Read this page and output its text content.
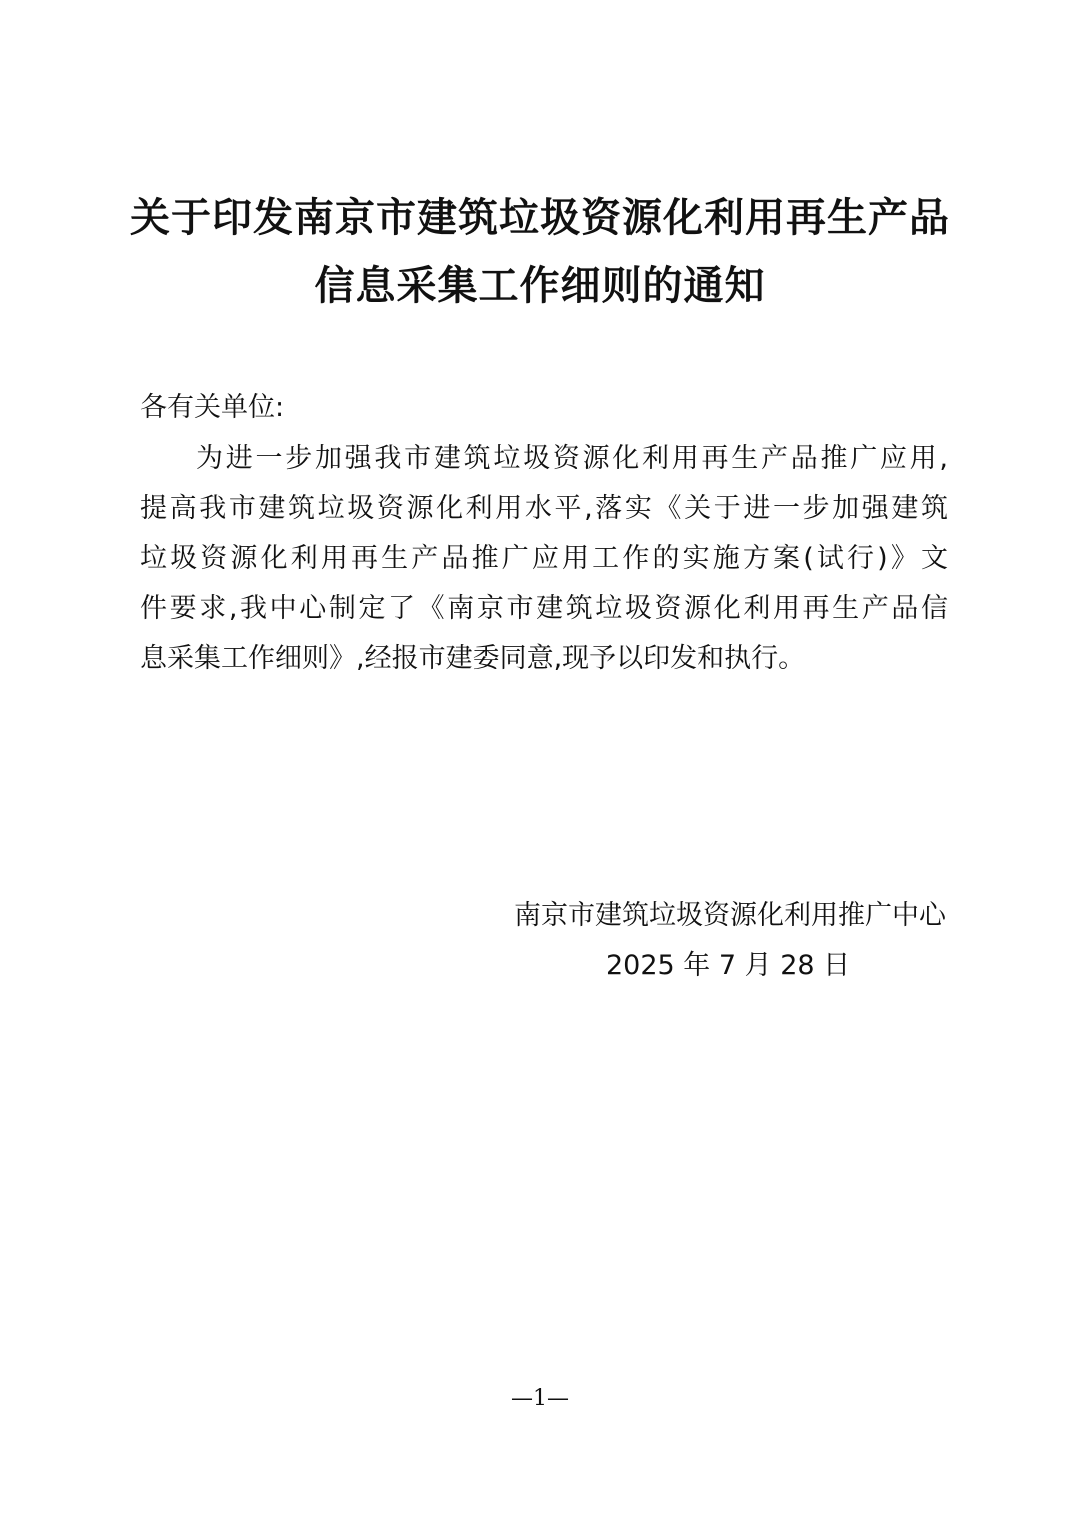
关于印发南京市建筑垃圾资源化利用再生产品
信息采集工作细则的通知
各有关单位:
为进一步加强我市建筑垃圾资源化利用再生产品推广应用,
提高我市建筑垃圾资源化利用水平,落实《关于进一步加强建筑
垃圾资源化利用再生产品推广应用工作的实施方案(试行)》文
件要求,我中心制定了《南京市建筑垃圾资源化利用再生产品信
息采集工作细则》,经报市建委同意,现予以印发和执行。
南京市建筑垃圾资源化利用推广中心
2025 年 7 月 28 日
—1—
